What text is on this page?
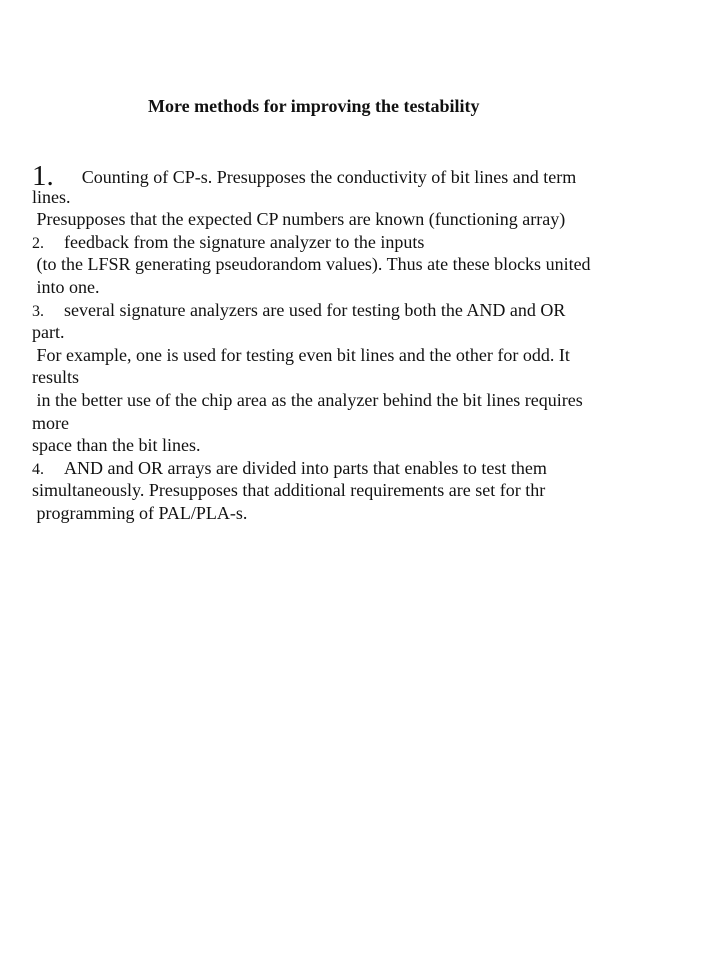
More methods for improving the testability
1. Counting of CP-s. Presupposes the conductivity of bit lines and term
lines.
Presupposes that the expected CP numbers are known (functioning array)
2. feedback from the signature analyzer to the inputs
(to the LFSR generating pseudorandom values). Thus ate these blocks united
into one.
3. several signature analyzers are used for testing both the AND and OR
part.
For example, one is used for testing even bit lines and the other for odd. It
results
in the better use of the chip area as the analyzer behind the bit lines requires
more
space than the bit lines.
4. AND and OR arrays are divided into parts that enables to test them
simultaneously. Presupposes that additional requirements are set for thr
programming of PAL/PLA-s.
